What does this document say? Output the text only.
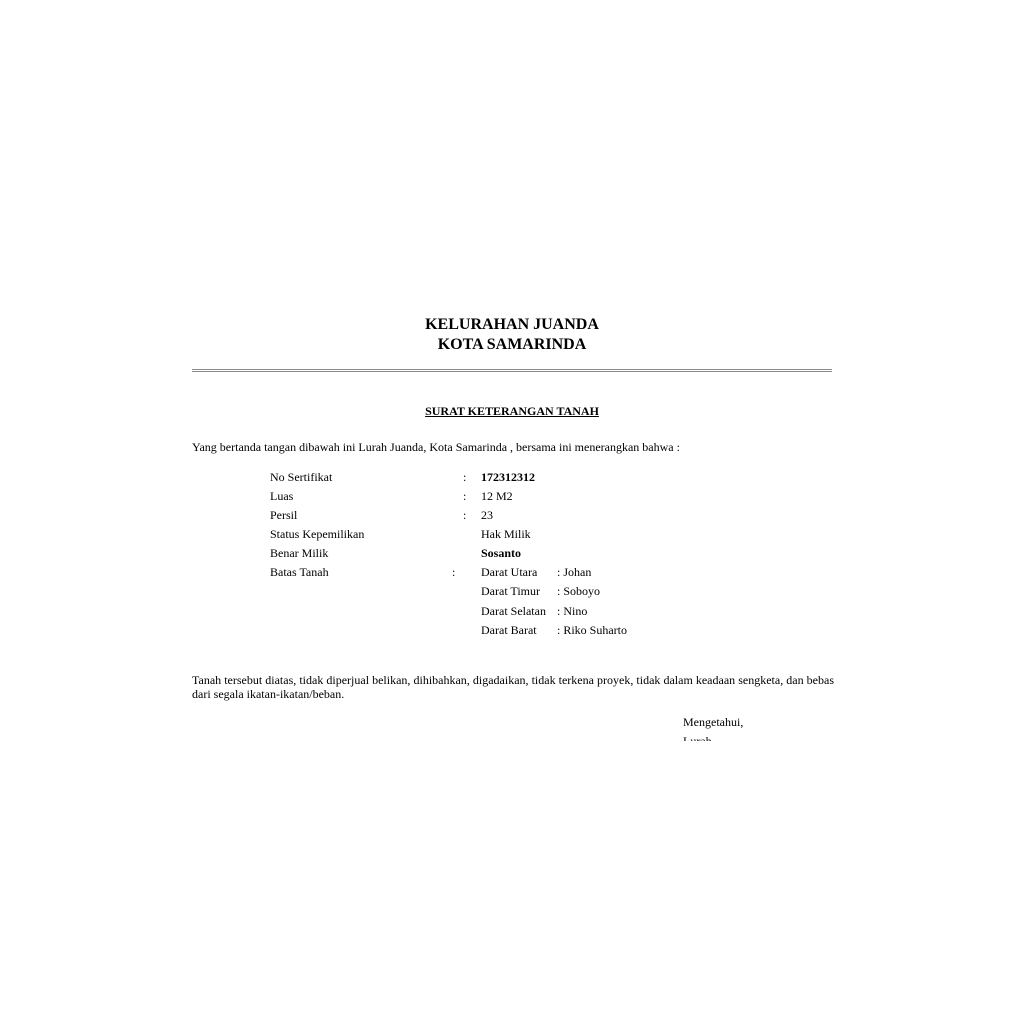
KELURAHAN JUANDA
KOTA SAMARINDA
SURAT KETERANGAN TANAH
Yang bertanda tangan dibawah ini Lurah Juanda, Kota Samarinda , bersama ini menerangkan bahwa :
No Sertifikat	: 172312312
Luas	: 12 M2
Persil	: 23
Status Kepemilikan	Hak Milik
Benar Milik	Sosanto
Batas Tanah	: Darat Utara : Johan
Darat Timur : Soboyo
Darat Selatan : Nino
Darat Barat : Riko Suharto
Tanah tersebut diatas, tidak diperjual belikan, dihibahkan, digadaikan, tidak terkena proyek, tidak dalam keadaan sengketa, dan bebas dari segala ikatan-ikatan/beban.
Mengetahui,
